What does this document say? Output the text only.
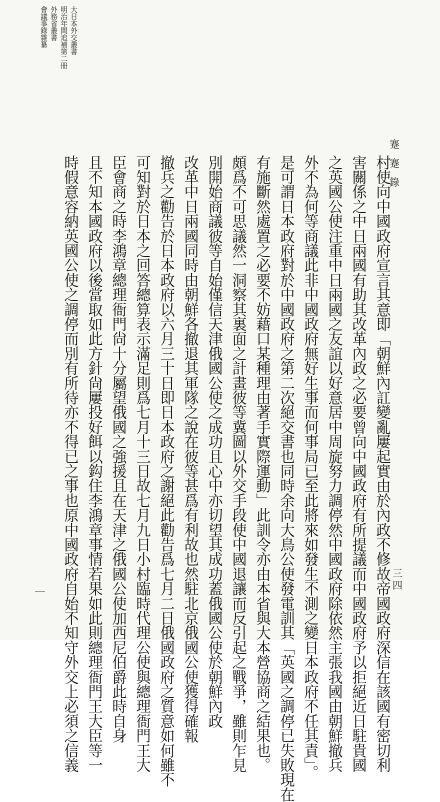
蹇蹇錄
三四
大日本外交叢書
明治年間追補第二冊
外務省叢書
會議事錄雜纂
村使向中國政府宣言其意即「朝鮮內訌變亂屢起實由於內政不修故帝國政府深信在該國有密切利
害關係之中日兩國有助其改革內政之必要曾向中國政府有所提議而中國政府予以拒絕近日駐貴國
之英國公使注重中日兩國之友誼以好意居中周旋努力調停然中國政府除依然主張我國由朝鮮撤兵
外不為何等商議此非中國政府無好生事而何事局已至此將來如發生不測之變日本政府不任其責」。
是可謂日本政府對於中國政府之第二次絕交書也同時余向大鳥公使發電訓其「英國之調停已失敗現在
有施斷然處置之必要不妨藉口某種理由著手實際運動」此訓令亦由本省與大本營協商之結果也。
頗爲不可思議然一洞察其裏面之計畫彼等冀圖以外交手段使中國退讓而反引起之戰爭，雖則乍見
別開始商議彼等自始僅信天津俄國公使之成功且心中亦切望其成功蓋俄國公使於朝鮮內政
改革中日兩國同時由朝鮮各撤退其軍隊之說在彼等甚爲有利故也然駐北京俄國公使獲得確報
撤兵之勸告於日本政府以六月三十日即日本政府之謝絕此勸告爲七月二日俄國政府之質意如何雖不
可知對於日本之回答總算表示滿足則爲七月十三日故七月九日小村臨時代理公使與總理衙門王大
臣會商之時李鴻章總理衙門尙十分屬望俄國之強援且在天津之俄國公使加西尼伯爵此時自身
且不知本國政府以後當取如此方針尙屢投好餌以鈎住李鴻章事情若果如此則總理衙門王大臣等一
時假意容納英國公使之調停而別有所待亦不得已之事也原中國政府自始不知守外交上必須之信義
